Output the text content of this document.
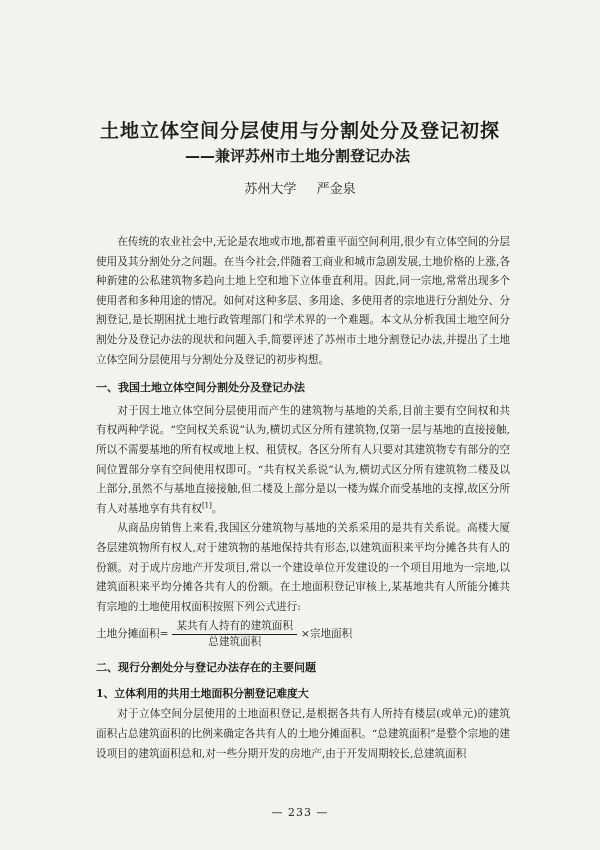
土地立体空间分层使用与分割处分及登记初探
——兼评苏州市土地分割登记办法
苏州大学 严金泉

在传统的农业社会中,无论是农地或市地,都着重平面空间利用,很少有立体空间的分层使用及其分割处分之问题。在当今社会,伴随着工商业和城市急剧发展,土地价格的上涨,各种新建的公私建筑物多趋向土地上空和地下立体垂直利用。因此,同一宗地,常常出现多个使用者和多种用途的情况。如何对这种多层、多用途、多使用者的宗地进行分割处分、分割登记,是长期困扰土地行政管理部门和学术界的一个难题。本文从分析我国土地空间分割处分及登记办法的现状和问题入手,简要评述了苏州市土地分割登记办法,并提出了土地立体空间分层使用与分割处分及登记的初步构想。

一、我国土地立体空间分割处分及登记办法

对于因土地立体空间分层使用而产生的建筑物与基地的关系,目前主要有空间权和共有权两种学说。“空间权关系说”认为,横切式区分所有建筑物,仅第一层与基地的直接接触,所以不需要基地的所有权或地上权、租赁权。各区分所有人只要对其建筑物专有部分的空间位置部分享有空间使用权即可。“共有权关系说”认为,横切式区分所有建筑物二楼及以上部分,虽然不与基地直接接触,但二楼及上部分是以一楼为媒介而受基地的支撑,故区分所有人对基地享有共有权[1]。

从商品房销售上来看,我国区分建筑物与基地的关系采用的是共有关系说。高楼大厦各层建筑物所有权人,对于建筑物的基地保持共有形态,以建筑面积来平均分摊各共有人的份额。对于成片房地产开发项目,常以一个建设单位开发建设的一个项目用地为一宗地,以建筑面积来平均分摊各共有人的份额。在土地面积登记审核上,某基地共有人所能分摊共有宗地的土地使用权面积按照下列公式进行:

土地分摊面积 = $\frac{\text{某共有人持有的建筑面积}}{\text{总建筑面积}}$ × 宗地面积
二、现行分割处分与登记办法存在的主要问题
1、立体利用的共用土地面积分割登记难度大

对于立体空间分层使用的土地面积登记,是根据各共有人所持有楼层(或单元)的建筑面积占总建筑面积的比例来确定各共有人的土地分摊面积。“总建筑面积”是整个宗地的建设项目的建筑面积总和,对一些分期开发的房地产,由于开发周期较长,总建筑面积

— 233 —
